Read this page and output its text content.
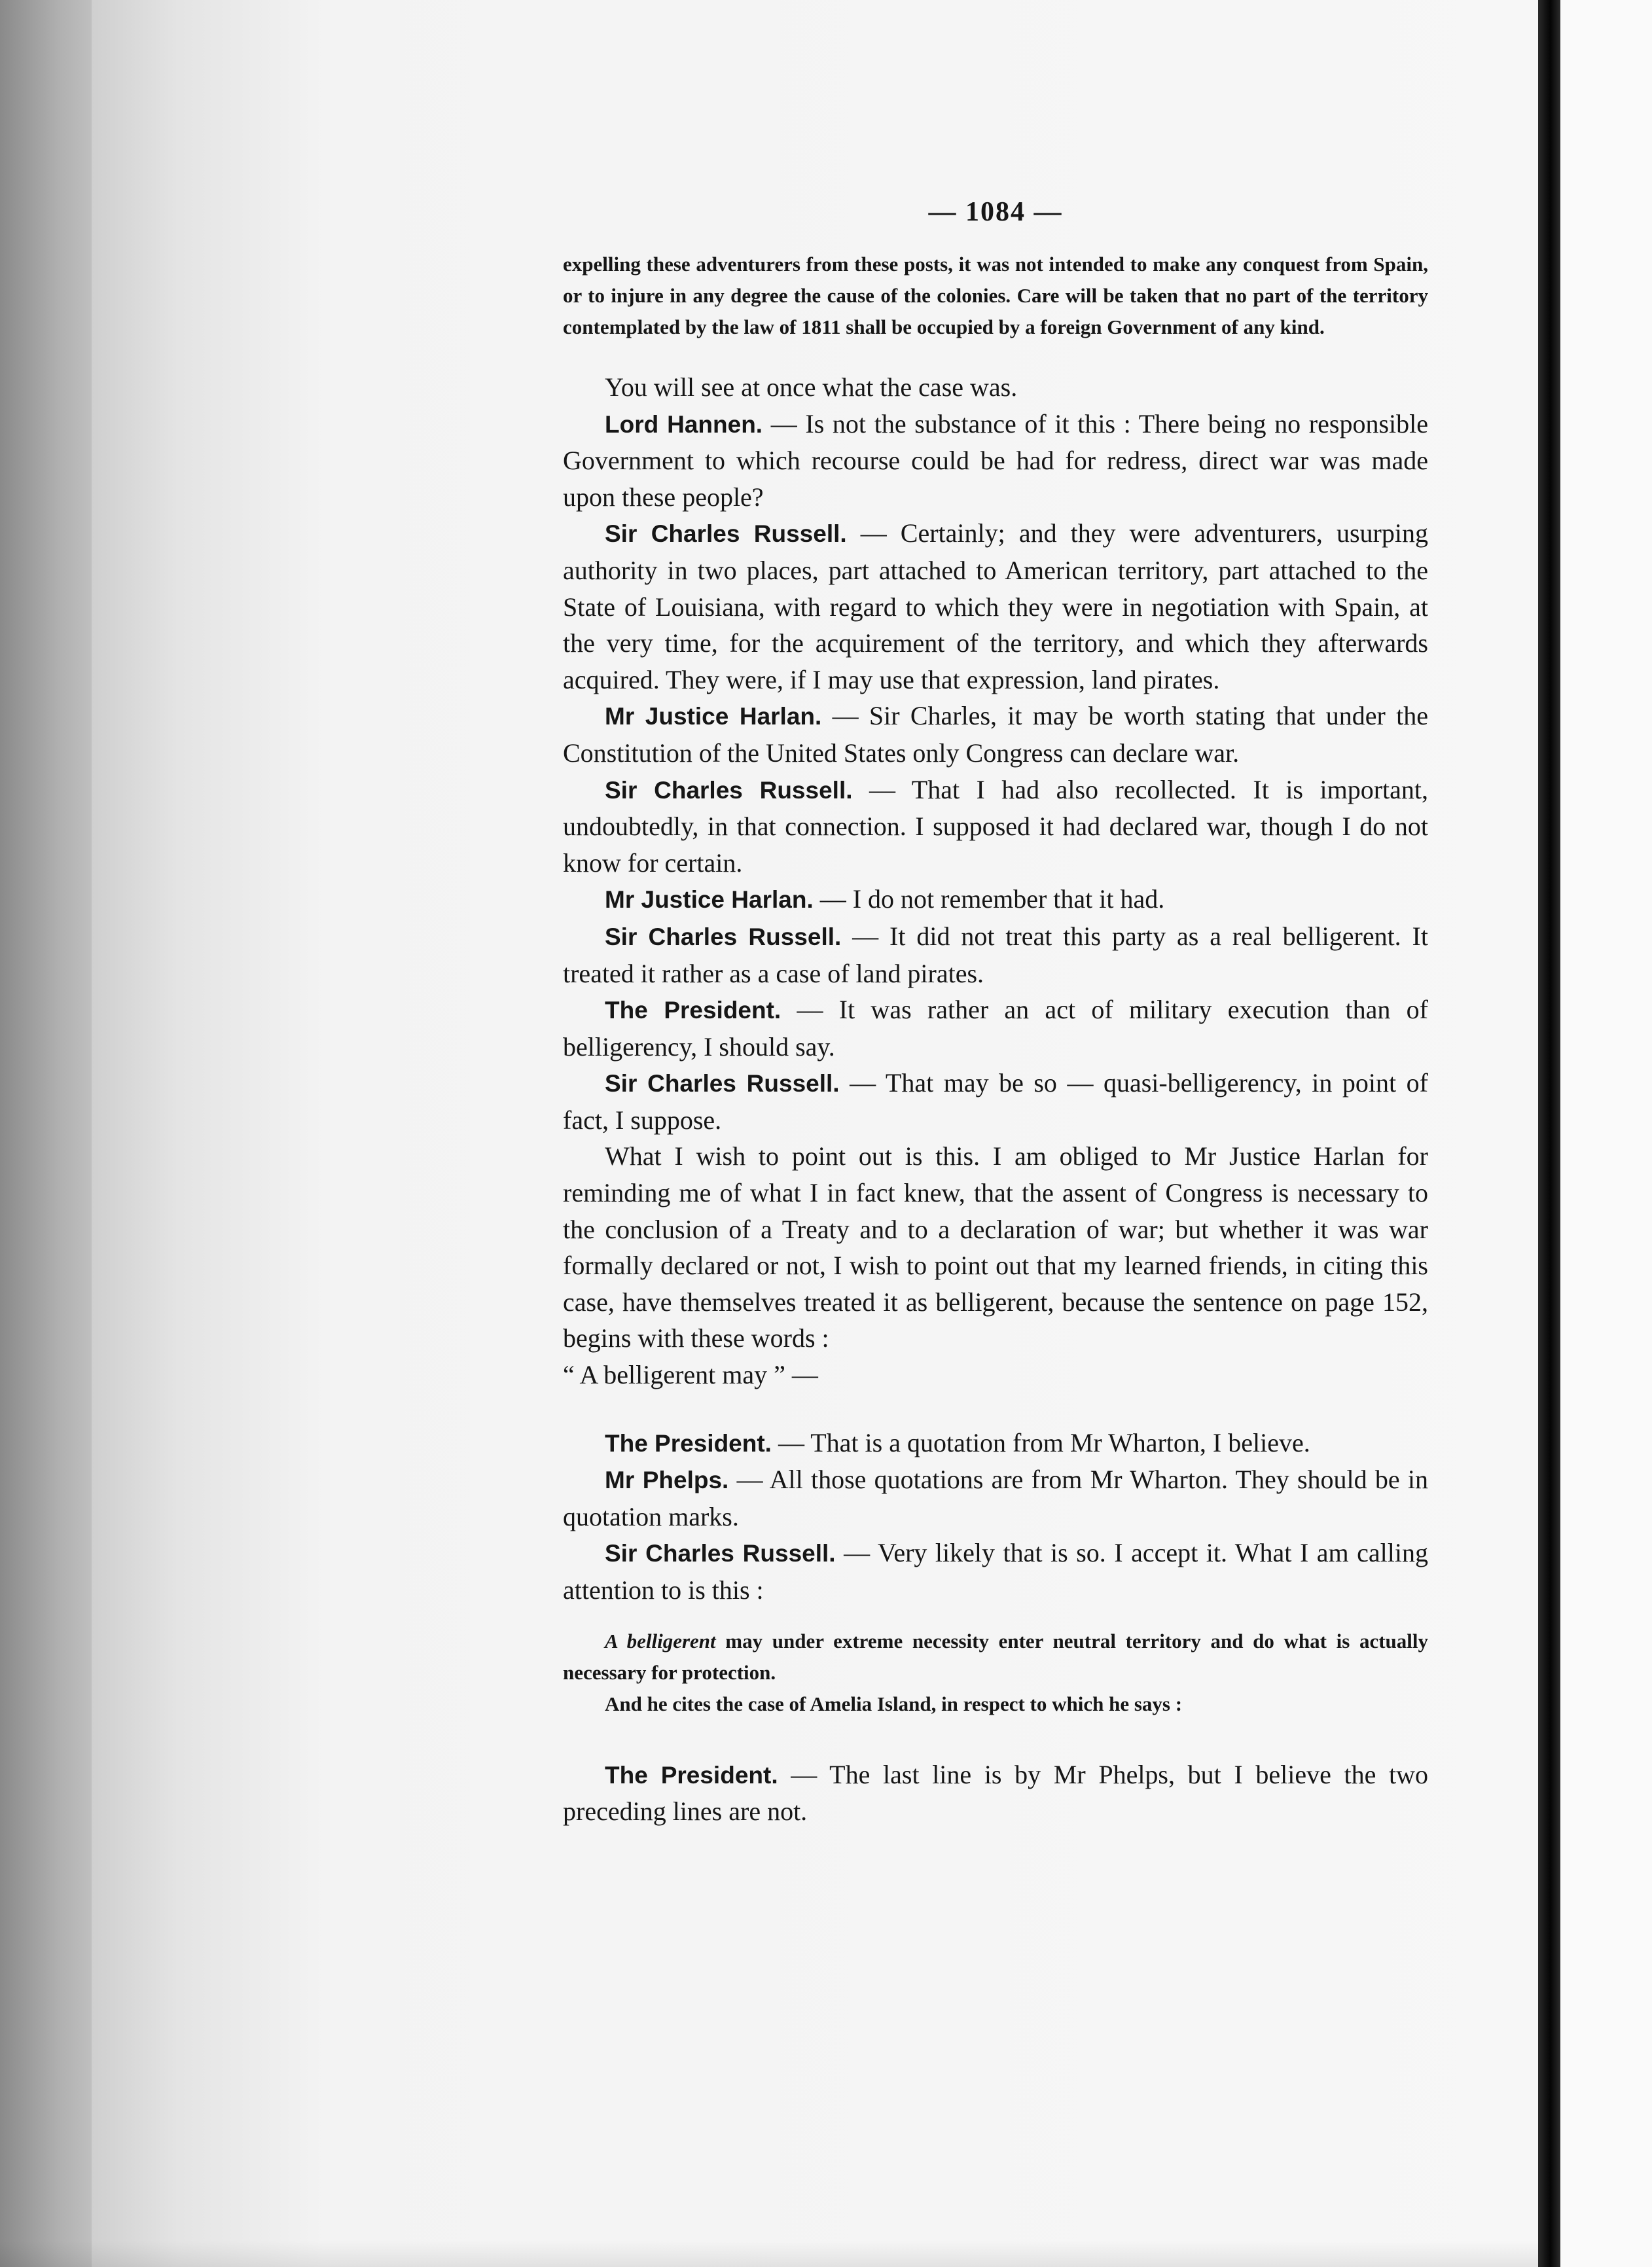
— 1084 —

expelling these adventurers from these posts, it was not intended to make any conquest from Spain, or to injure in any degree the cause of the colonies. Care will be taken that no part of the territory contemplated by the law of 1811 shall be occupied by a foreign Government of any kind.

You will see at once what the case was.

Lord Hannen. — Is not the substance of it this : There being no responsible Government to which recourse could be had for redress, direct war was made upon these people?

Sir Charles Russell. — Certainly; and they were adventurers, usurping authority in two places, part attached to American territory, part attached to the State of Louisiana, with regard to which they were in negotiation with Spain, at the very time, for the acquirement of the territory, and which they afterwards acquired. They were, if I may use that expression, land pirates.

Mr Justice Harlan. — Sir Charles, it may be worth stating that under the Constitution of the United States only Congress can declare war.

Sir Charles Russell. — That I had also recollected. It is important, undoubtedly, in that connection. I supposed it had declared war, though I do not know for certain.

Mr Justice Harlan. — I do not remember that it had.

Sir Charles Russell. — It did not treat this party as a real belligerent. It treated it rather as a case of land pirates.

The President. — It was rather an act of military execution than of belligerency, I should say.

Sir Charles Russell. — That may be so — quasi-belligerency, in point of fact, I suppose.

What I wish to point out is this. I am obliged to Mr Justice Harlan for reminding me of what I in fact knew, that the assent of Congress is necessary to the conclusion of a Treaty and to a declaration of war; but whether it was war formally declared or not, I wish to point out that my learned friends, in citing this case, have themselves treated it as belligerent, because the sentence on page 152, begins with these words :

“ A belligerent may ” —

The President. — That is a quotation from Mr Wharton, I believe.

Mr Phelps. — All those quotations are from Mr Wharton. They should be in quotation marks.

Sir Charles Russell. — Very likely that is so. I accept it. What I am calling attention to is this :

A belligerent may under extreme necessity enter neutral territory and do what is actually necessary for protection.

And he cites the case of Amelia Island, in respect to which he says :

The President. — The last line is by Mr Phelps, but I believe the two preceding lines are not.
